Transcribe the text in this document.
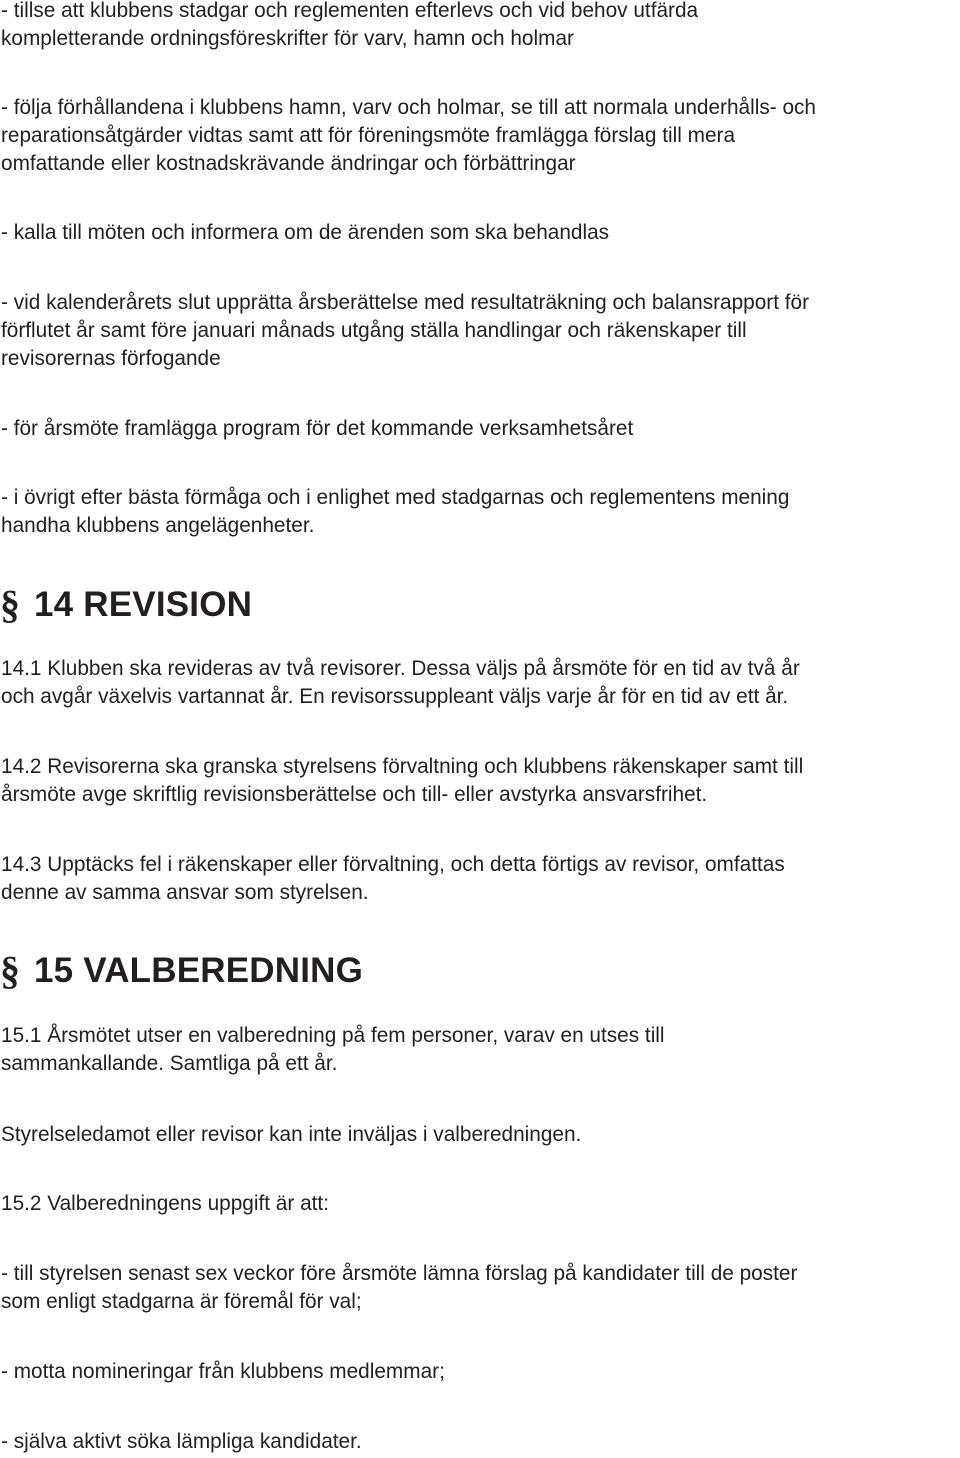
- tillse att klubbens stadgar och reglementen efterlevs och vid behov utfärda
kompletterande ordningsföreskrifter för varv, hamn och holmar
- följa förhållandena i klubbens hamn, varv och holmar, se till att normala underhålls- och
reparationsåtgärder vidtas samt att för föreningsmöte framlägga förslag till mera
omfattande eller kostnadskrävande ändringar och förbättringar
- kalla till möten och informera om de ärenden som ska behandlas
- vid kalenderårets slut upprätta årsberättelse med resultaträkning och balansrapport för
förflutet år samt före januari månads utgång ställa handlingar och räkenskaper till
revisorernas förfogande
- för årsmöte framlägga program för det kommande verksamhetsåret
- i övrigt efter bästa förmåga och i enlighet med stadgarnas och reglementens mening
handha klubbens angelägenheter.
§ 14 REVISION
14.1 Klubben ska revideras av två revisorer. Dessa väljs på årsmöte för en tid av två år
och avgår växelvis vartannat år. En revisorssuppleant väljs varje år för en tid av ett år.
14.2 Revisorerna ska granska styrelsens förvaltning och klubbens räkenskaper samt till
årsmöte avge skriftlig revisionsberättelse och till- eller avstyrka ansvarsfrihet.
14.3 Upptäcks fel i räkenskaper eller förvaltning, och detta förtigs av revisor, omfattas
denne av samma ansvar som styrelsen.
§ 15 VALBEREDNING
15.1 Årsmötet utser en valberedning på fem personer, varav en utses till
sammankallande. Samtliga på ett år.
Styrelseledamot eller revisor kan inte inväljas i valberedningen.
15.2 Valberedningens uppgift är att:
- till styrelsen senast sex veckor före årsmöte lämna förslag på kandidater till de poster
som enligt stadgarna är föremål för val;
- motta nomineringar från klubbens medlemmar;
- själva aktivt söka lämpliga kandidater.
